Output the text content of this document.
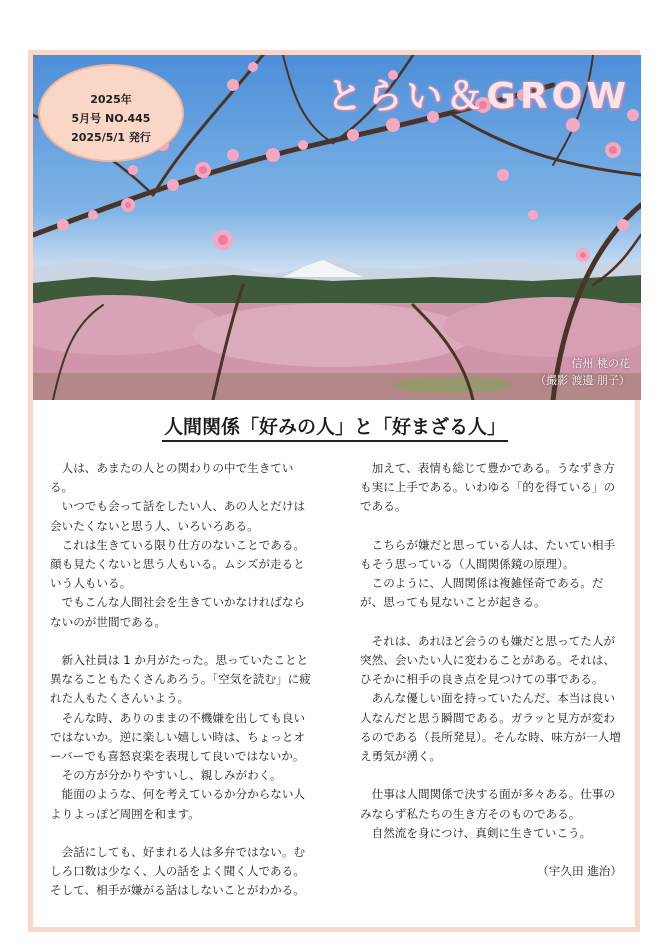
2025年
5月号 NO.445
2025/5/1 発行
とらい＆GROW
信州 桃の花
（撮影 渡邊 朋子）
人間関係「好みの人」と「好まざる人」

人は、あまたの人との関わりの中で生きている。

いつでも会って話をしたい人、あの人とだけは会いたくないと思う人、いろいろある。

これは生きている限り仕方のないことである。顔も見たくないと思う人もいる。ムシズが走るという人もいる。

でもこんな人間社会を生きていかなければならないのが世間である。

新入社員は 1 か月がたった。思っていたことと異なることもたくさんあろう。「空気を読む」に疲れた人もたくさんいよう。

そんな時、ありのままの不機嫌を出しても良いではないか。逆に楽しい嬉しい時は、ちょっとオーバーでも喜怒哀楽を表現して良いではないか。

その方が分かりやすいし、親しみがわく。

能面のような、何を考えているか分からない人よりよっぽど周囲を和ます。

会話にしても、好まれる人は多弁ではない。むしろ口数は少なく、人の話をよく聞く人である。そして、相手が嫌がる話はしないことがわかる。

加えて、表情も総じて豊かである。うなずき方も実に上手である。いわゆる「的を得ている」のである。

こちらが嫌だと思っている人は、たいてい相手もそう思っている（人間関係鏡の原理）。

このように、人間関係は複雑怪奇である。だが、思っても見ないことが起きる。

それは、あれほど会うのも嫌だと思ってた人が突然、会いたい人に変わることがある。それは、ひそかに相手の良き点を見つけての事である。

あんな優しい面を持っていたんだ、本当は良い人なんだと思う瞬間である。ガラッと見方が変わるのである（長所発見）。そんな時、味方が一人増え勇気が湧く。

仕事は人間関係で決する面が多々ある。仕事のみならず私たちの生き方そのものである。

自然流を身につけ、真剣に生きていこう。

（宇久田 進治）
